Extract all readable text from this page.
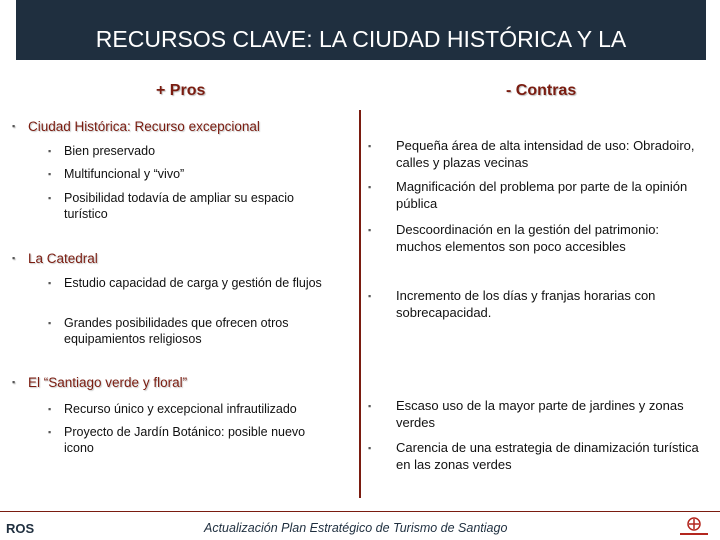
RECURSOS CLAVE: LA CIUDAD HISTÓRICA Y LA CATEDRAL
+ Pros	- Contras
▪ Ciudad Histórica: Recurso excepcional
▪ Bien preservado
▪ Multifuncional y “vivo”
▪ Posibilidad todavía de ampliar su espacio turístico
▪ Pequeña área de alta intensidad de uso: Obradoiro, calles y plazas vecinas
▪ Magnificación del problema por parte de la opinión pública
▪ Descoordinación en la gestión del patrimonio: muchos elementos son poco accesibles
▪ La Catedral
▪ Estudio capacidad de carga y gestión de flujos
▪ Grandes posibilidades que ofrecen otros equipamientos religiosos
▪ Incremento de los días y franjas horarias con sobrecapacidad.
▪ El “Santiago verde y floral”
▪ Recurso único y excepcional infrautilizado
▪ Proyecto de Jardín Botánico: posible nuevo icono
▪ Escaso uso de la mayor parte de jardines y zonas verdes
▪ Carencia de una estrategia de dinamización turística en las zonas verdes
ROS	Actualización Plan Estratégico de Turismo de Santiago
